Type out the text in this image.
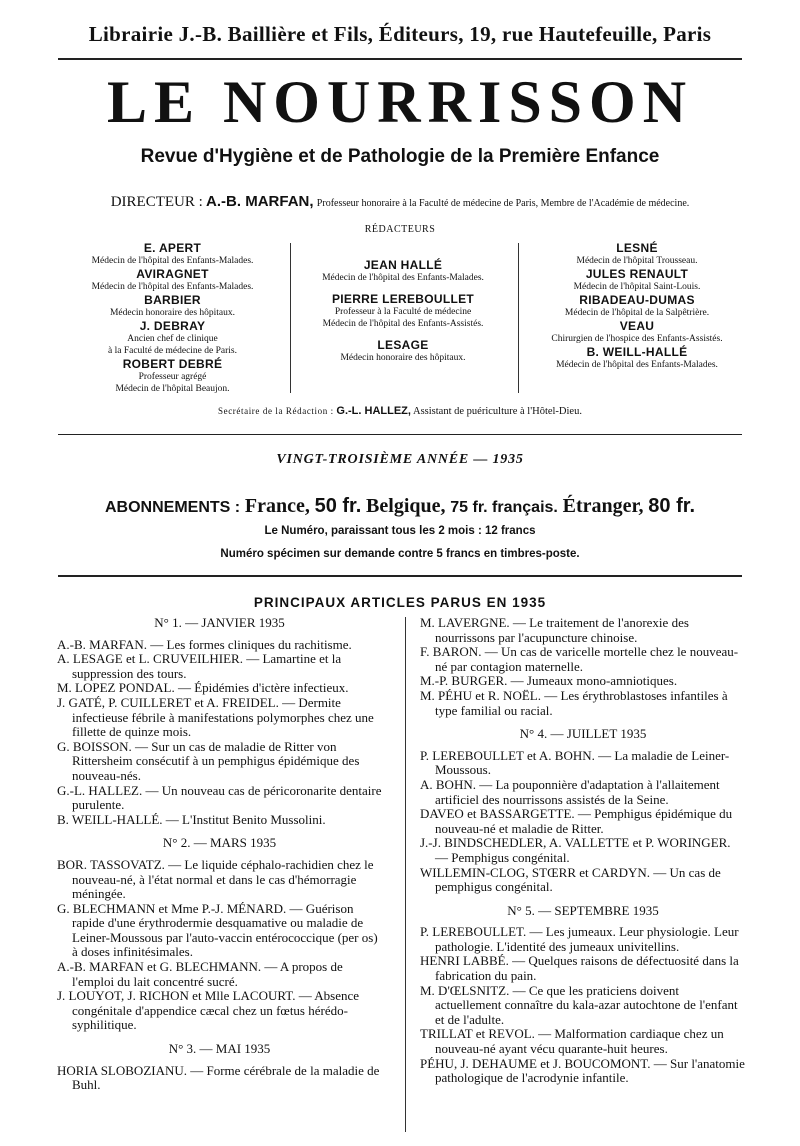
Librairie J.-B. Baillière et Fils, Éditeurs, 19, rue Hautefeuille, Paris
LE NOURRISSON
Revue d'Hygiène et de Pathologie de la Première Enfance
DIRECTEUR : A.-B. MARFAN, Professeur honoraire à la Faculté de médecine de Paris, Membre de l'Académie de médecine.
RÉDACTEURS
E. APERT
Médecin de l'hôpital des Enfants-Malades.
AVIRAGNET
Médecin de l'hôpital des Enfants-Malades.
BARBIER
Médecin honoraire des hôpitaux.
J. DEBRAY
Ancien chef de clinique
à la Faculté de médecine de Paris.
ROBERT DEBRÉ
Professeur agrégé
Médecin de l'hôpital Beaujon.
JEAN HALLÉ
Médecin de l'hôpital des Enfants-Malades.
PIERRE LEREBOULLET
Professeur à la Faculté de médecine
Médecin de l'hôpital des Enfants-Assistés.
LESAGE
Médecin honoraire des hôpitaux.
LESNÉ
Médecin de l'hôpital Trousseau.
JULES RENAULT
Médecin de l'hôpital Saint-Louis.
RIBADEAU-DUMAS
Médecin de l'hôpital de la Salpêtrière.
VEAU
Chirurgien de l'hospice des Enfants-Assistés.
B. WEILL-HALLÉ
Médecin de l'hôpital des Enfants-Malades.
Secrétaire de la Rédaction : G.-L. HALLEZ, Assistant de puériculture à l'Hôtel-Dieu.
VINGT-TROISIÈME ANNÉE — 1935
ABONNEMENTS : France, 50 fr. Belgique, 75 fr. français. Étranger, 80 fr.
Le Numéro, paraissant tous les 2 mois : 12 francs
Numéro spécimen sur demande contre 5 francs en timbres-poste.
PRINCIPAUX ARTICLES PARUS EN 1935
N° 1. — JANVIER 1935
A.-B. MARFAN. — Les formes cliniques du rachitisme.
A. LESAGE et L. CRUVEILHIER. — Lamartine et la suppression des tours.
M. LOPEZ PONDAL. — Épidémies d'ictère infectieux.
J. GATÉ, P. CUILLERET et A. FREIDEL. — Dermite infectieuse fébrile à manifestations polymorphes chez une fillette de quinze mois.
G. BOISSON. — Sur un cas de maladie de Ritter von Rittersheim consécutif à un pemphigus épidémique des nouveau-nés.
G.-L. HALLEZ. — Un nouveau cas de péricoronarite dentaire purulente.
B. WEILL-HALLÉ. — L'Institut Benito Mussolini.
N° 2. — MARS 1935
BOR. TASSOVATZ. — Le liquide céphalo-rachidien chez le nouveau-né, à l'état normal et dans le cas d'hémorragie méningée.
G. BLECHMANN et Mme P.-J. MÉNARD. — Guérison rapide d'une érythrodermie desquamative ou maladie de Leiner-Moussous par l'auto-vaccin entérococcique (per os) à doses infinitésimales.
A.-B. MARFAN et G. BLECHMANN. — A propos de l'emploi du lait concentré sucré.
J. LOUYOT, J. RICHON et Mlle LACOURT. — Absence congénitale d'appendice cæcal chez un fœtus hérédo-syphilitique.
N° 3. — MAI 1935
HORIA SLOBOZIANU. — Forme cérébrale de la maladie de Buhl.
M. LAVERGNE. — Le traitement de l'anorexie des nourrissons par l'acupuncture chinoise.
F. BARON. — Un cas de varicelle mortelle chez le nouveau-né par contagion maternelle.
M.-P. BURGER. — Jumeaux mono-amniotiques.
M. PÉHU et R. NOËL. — Les érythroblastoses infantiles à type familial ou racial.
N° 4. — JUILLET 1935
P. LEREBOULLET et A. BOHN. — La maladie de Leiner-Moussous.
A. BOHN. — La pouponnière d'adaptation à l'allaitement artificiel des nourrissons assistés de la Seine.
DAVEO et BASSARGETTE. — Pemphigus épidémique du nouveau-né et maladie de Ritter.
J.-J. BINDSCHEDLER, A. VALLETTE et P. WORINGER. — Pemphigus congénital.
WILLEMIN-CLOG, STŒRR et CARDYN. — Un cas de pemphigus congénital.
N° 5. — SEPTEMBRE 1935
P. LEREBOULLET. — Les jumeaux. Leur physiologie. Leur pathologie. L'identité des jumeaux univitellins.
HENRI LABBÉ. — Quelques raisons de défectuosité dans la fabrication du pain.
M. D'ŒLSNITZ. — Ce que les praticiens doivent actuellement connaître du kala-azar autochtone de l'enfant et de l'adulte.
TRILLAT et REVOL. — Malformation cardiaque chez un nouveau-né ayant vécu quarante-huit heures.
PÉHU, J. DEHAUME et J. BOUCOMONT. — Sur l'anatomie pathologique de l'acrodynie infantile.
